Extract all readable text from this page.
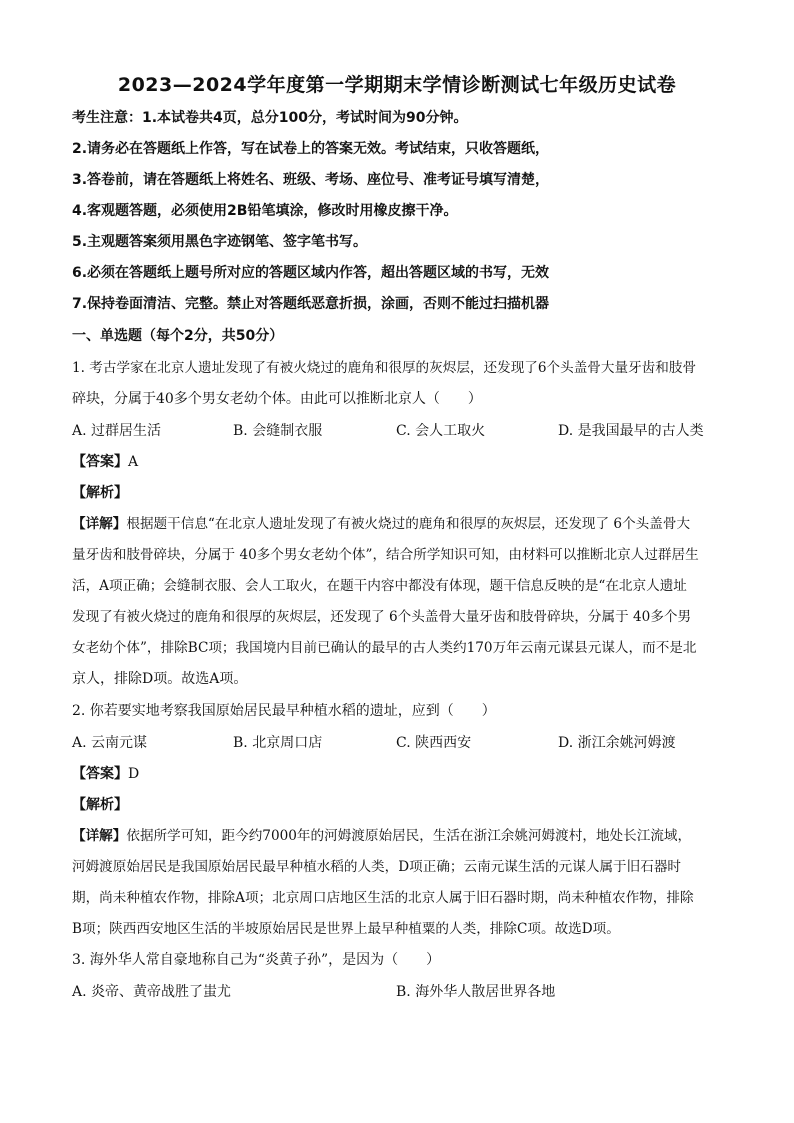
2023—2024学年度第一学期期末学情诊断测试七年级历史试卷
考生注意：1.本试卷共4页，总分100分，考试时间为90分钟。
2.请务必在答题纸上作答，写在试卷上的答案无效。考试结束，只收答题纸，
3.答卷前，请在答题纸上将姓名、班级、考场、座位号、准考证号填写清楚，
4.客观题答题，必须使用2B铅笔填涂，修改时用橡皮擦干净。
5.主观题答案须用黑色字迹钢笔、签字笔书写。
6.必须在答题纸上题号所对应的答题区域内作答，超出答题区域的书写，无效
7.保持卷面清洁、完整。禁止对答题纸恶意折损，涂画，否则不能过扫描机器
一、单选题（每个2分，共50分）
1. 考古学家在北京人遗址发现了有被火烧过的鹿角和很厚的灰烬层，还发现了6个头盖骨大量牙齿和肢骨
碎块，分属于40多个男女老幼个体。由此可以推断北京人（　　）
A. 过群居生活	B. 会缝制衣服	C. 会人工取火	D. 是我国最早的古人类
【答案】A
【解析】
【详解】根据题干信息“在北京人遗址发现了有被火烧过的鹿角和很厚的灰烬层，还发现了 6个头盖骨大
量牙齿和肢骨碎块，分属于 40多个男女老幼个体”，结合所学知识可知，由材料可以推断北京人过群居生
活，A项正确；会缝制衣服、会人工取火，在题干内容中都没有体现，题干信息反映的是“在北京人遗址
发现了有被火烧过的鹿角和很厚的灰烬层，还发现了 6个头盖骨大量牙齿和肢骨碎块，分属于 40多个男
女老幼个体”，排除BC项；我国境内目前已确认的最早的古人类约170万年云南元谋县元谋人，而不是北
京人，排除D项。故选A项。
2. 你若要实地考察我国原始居民最早种植水稻的遗址，应到（　　）
A. 云南元谋	B. 北京周口店	C. 陕西西安	D. 浙江余姚河姆渡
【答案】D
【解析】
【详解】依据所学可知，距今约7000年的河姆渡原始居民，生活在浙江余姚河姆渡村，地处长江流域，
河姆渡原始居民是我国原始居民最早种植水稻的人类，D项正确；云南元谋生活的元谋人属于旧石器时
期，尚未种植农作物，排除A项；北京周口店地区生活的北京人属于旧石器时期，尚未种植农作物，排除
B项；陕西西安地区生活的半坡原始居民是世界上最早种植粟的人类，排除C项。故选D项。
3. 海外华人常自豪地称自己为“炎黄子孙”，是因为（　　）
A. 炎帝、黄帝战胜了蚩尤	B. 海外华人散居世界各地
